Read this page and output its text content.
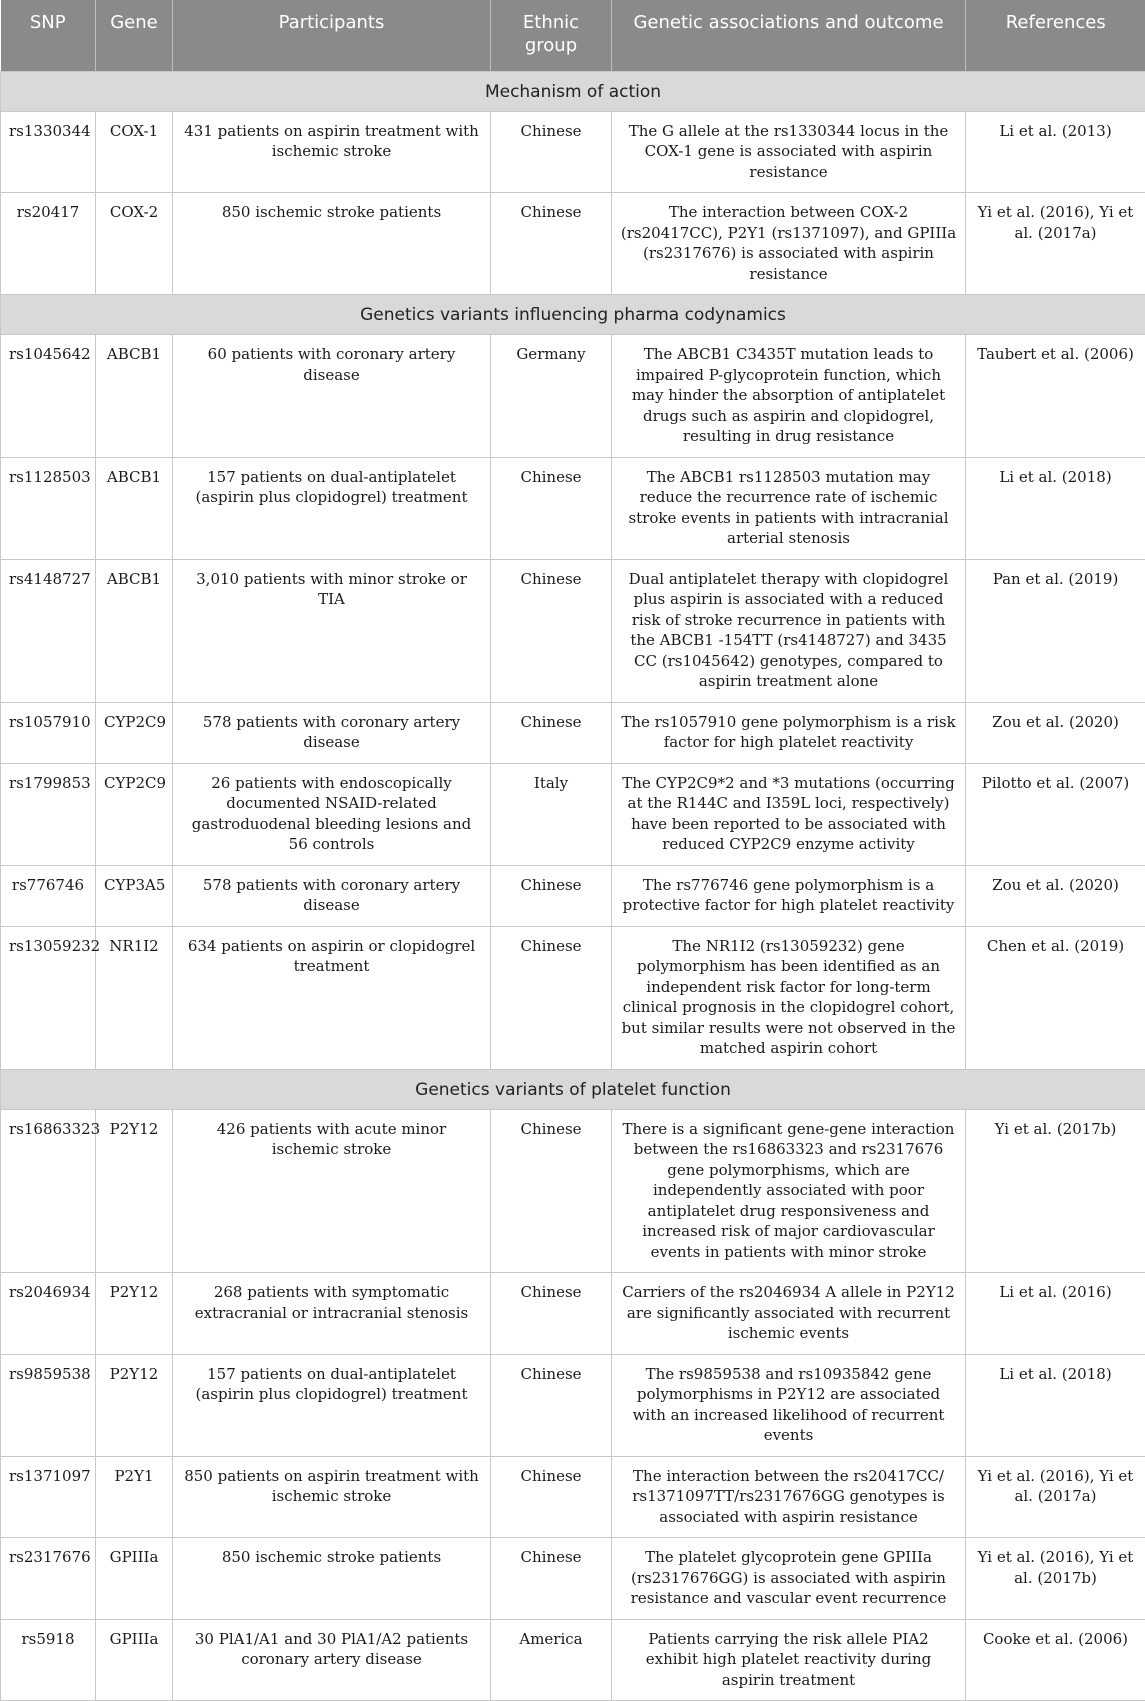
SNP	Gene	Participants	Ethnic group	Genetic associations and outcome	References
Mechanism of action					
rs1330344	COX-1	431 patients on aspirin treatment with ischemic stroke	Chinese	The G allele at the rs1330344 locus in the COX-1 gene is associated with aspirin resistance	Li et al. (2013)
rs20417	COX-2	850 ischemic stroke patients	Chinese	The interaction between COX-2 (rs20417CC), P2Y1 (rs1371097), and GPIIIa (rs2317676) is associated with aspirin resistance	Yi et al. (2016), Yi et al. (2017a)
Genetics variants influencing pharma codynamics					
rs1045642	ABCB1	60 patients with coronary artery disease	Germany	The ABCB1 C3435T mutation leads to impaired P-glycoprotein function, which may hinder the absorption of antiplatelet drugs such as aspirin and clopidogrel, resulting in drug resistance	Taubert et al. (2006)
rs1128503	ABCB1	157 patients on dual-antiplatelet (aspirin plus clopidogrel) treatment	Chinese	The ABCB1 rs1128503 mutation may reduce the recurrence rate of ischemic stroke events in patients with intracranial arterial stenosis	Li et al. (2018)
rs4148727	ABCB1	3,010 patients with minor stroke or TIA	Chinese	Dual antiplatelet therapy with clopidogrel plus aspirin is associated with a reduced risk of stroke recurrence in patients with the ABCB1 -154TT (rs4148727) and 3435 CC (rs1045642) genotypes, compared to aspirin treatment alone	Pan et al. (2019)
rs1057910	CYP2C9	578 patients with coronary artery disease	Chinese	The rs1057910 gene polymorphism is a risk factor for high platelet reactivity	Zou et al. (2020)
rs1799853	CYP2C9	26 patients with endoscopically documented NSAID-related gastroduodenal bleeding lesions and 56 controls	Italy	The CYP2C9*2 and *3 mutations (occurring at the R144C and I359L loci, respectively) have been reported to be associated with reduced CYP2C9 enzyme activity	Pilotto et al. (2007)
rs776746	CYP3A5	578 patients with coronary artery disease	Chinese	The rs776746 gene polymorphism is a protective factor for high platelet reactivity	Zou et al. (2020)
rs13059232	NR1I2	634 patients on aspirin or clopidogrel treatment	Chinese	The NR1I2 (rs13059232) gene polymorphism has been identified as an independent risk factor for long-term clinical prognosis in the clopidogrel cohort, but similar results were not observed in the matched aspirin cohort	Chen et al. (2019)
Genetics variants of platelet function					
rs16863323	P2Y12	426 patients with acute minor ischemic stroke	Chinese	There is a significant gene-gene interaction between the rs16863323 and rs2317676 gene polymorphisms, which are independently associated with poor antiplatelet drug responsiveness and increased risk of major cardiovascular events in patients with minor stroke	Yi et al. (2017b)
rs2046934	P2Y12	268 patients with symptomatic extracranial or intracranial stenosis	Chinese	Carriers of the rs2046934 A allele in P2Y12 are significantly associated with recurrent ischemic events	Li et al. (2016)
rs9859538	P2Y12	157 patients on dual-antiplatelet (aspirin plus clopidogrel) treatment	Chinese	The rs9859538 and rs10935842 gene polymorphisms in P2Y12 are associated with an increased likelihood of recurrent events	Li et al. (2018)
rs1371097	P2Y1	850 patients on aspirin treatment with ischemic stroke	Chinese	The interaction between the rs20417CC/ rs1371097TT/rs2317676GG genotypes is associated with aspirin resistance	Yi et al. (2016), Yi et al. (2017a)
rs2317676	GPIIIa	850 ischemic stroke patients	Chinese	The platelet glycoprotein gene GPIIIa (rs2317676GG) is associated with aspirin resistance and vascular event recurrence	Yi et al. (2016), Yi et al. (2017b)
rs5918	GPIIIa	30 PlA1/A1 and 30 PlA1/A2 patients coronary artery disease	America	Patients carrying the risk allele PIA2 exhibit high platelet reactivity during aspirin treatment	Cooke et al. (2006)
